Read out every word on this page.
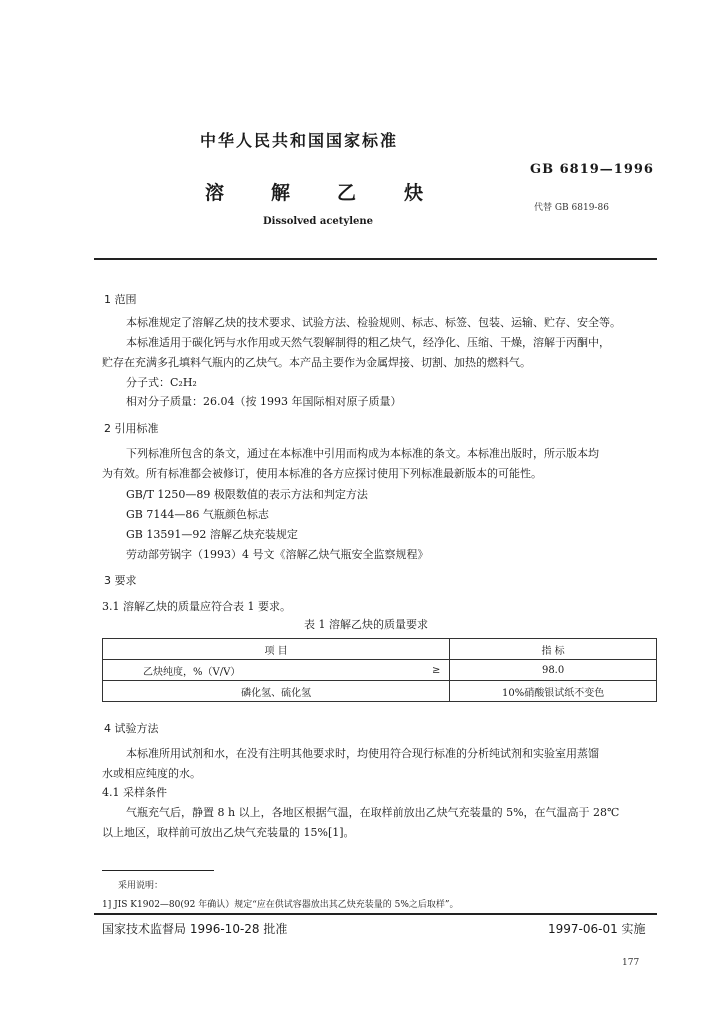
中华人民共和国国家标准
溶 解 乙	炔
Dissolved acetylene
GB 6819—1996
代替 GB 6819-86
1 范围
本标准规定了溶解乙炔的技术要求、试验方法、检验规则、标志、标签、包装、运输、贮存、安全等。
本标准适用于碳化钙与水作用或天然气裂解制得的粗乙炔气，经净化、压缩、干燥，溶解于丙酮中，
贮存在充满多孔填料气瓶内的乙炔气。本产品主要作为金属焊接、切割、加热的燃料气。
分子式：C₂H₂
相对分子质量：26.04（按 1993 年国际相对原子质量）
2 引用标准
下列标准所包含的条文，通过在本标准中引用而构成为本标准的条文。本标准出版时，所示版本均
为有效。所有标准都会被修订，使用本标准的各方应探讨使用下列标准最新版本的可能性。
GB/T 1250—89 极限数值的表示方法和判定方法
GB 7144—86 气瓶颜色标志
GB 13591—92 溶解乙炔充装规定
劳动部劳锅字（1993）4 号文《溶解乙炔气瓶安全监察规程》
3 要求
3.1 溶解乙炔的质量应符合表 1 要求。
表 1 溶解乙炔的质量要求
项 目		指 标
乙炔纯度，%（V/V）	≥	98.0
磷化氢、硫化氢		10%硝酸银试纸不变色
4 试验方法
本标准所用试剂和水，在没有注明其他要求时，均使用符合现行标准的分析纯试剂和实验室用蒸馏
水或相应纯度的水。
4.1 采样条件
气瓶充气后，静置 8 h 以上，各地区根据气温，在取样前放出乙炔气充装量的 5%，在气温高于 28℃
以上地区，取样前可放出乙炔气充装量的 15%[1]。
采用说明：
1] JIS K1902—80(92 年确认）规定“应在供试容器放出其乙炔充装量的 5%之后取样”。
国家技术监督局 1996-10-28 批准	1997-06-01 实施
177
